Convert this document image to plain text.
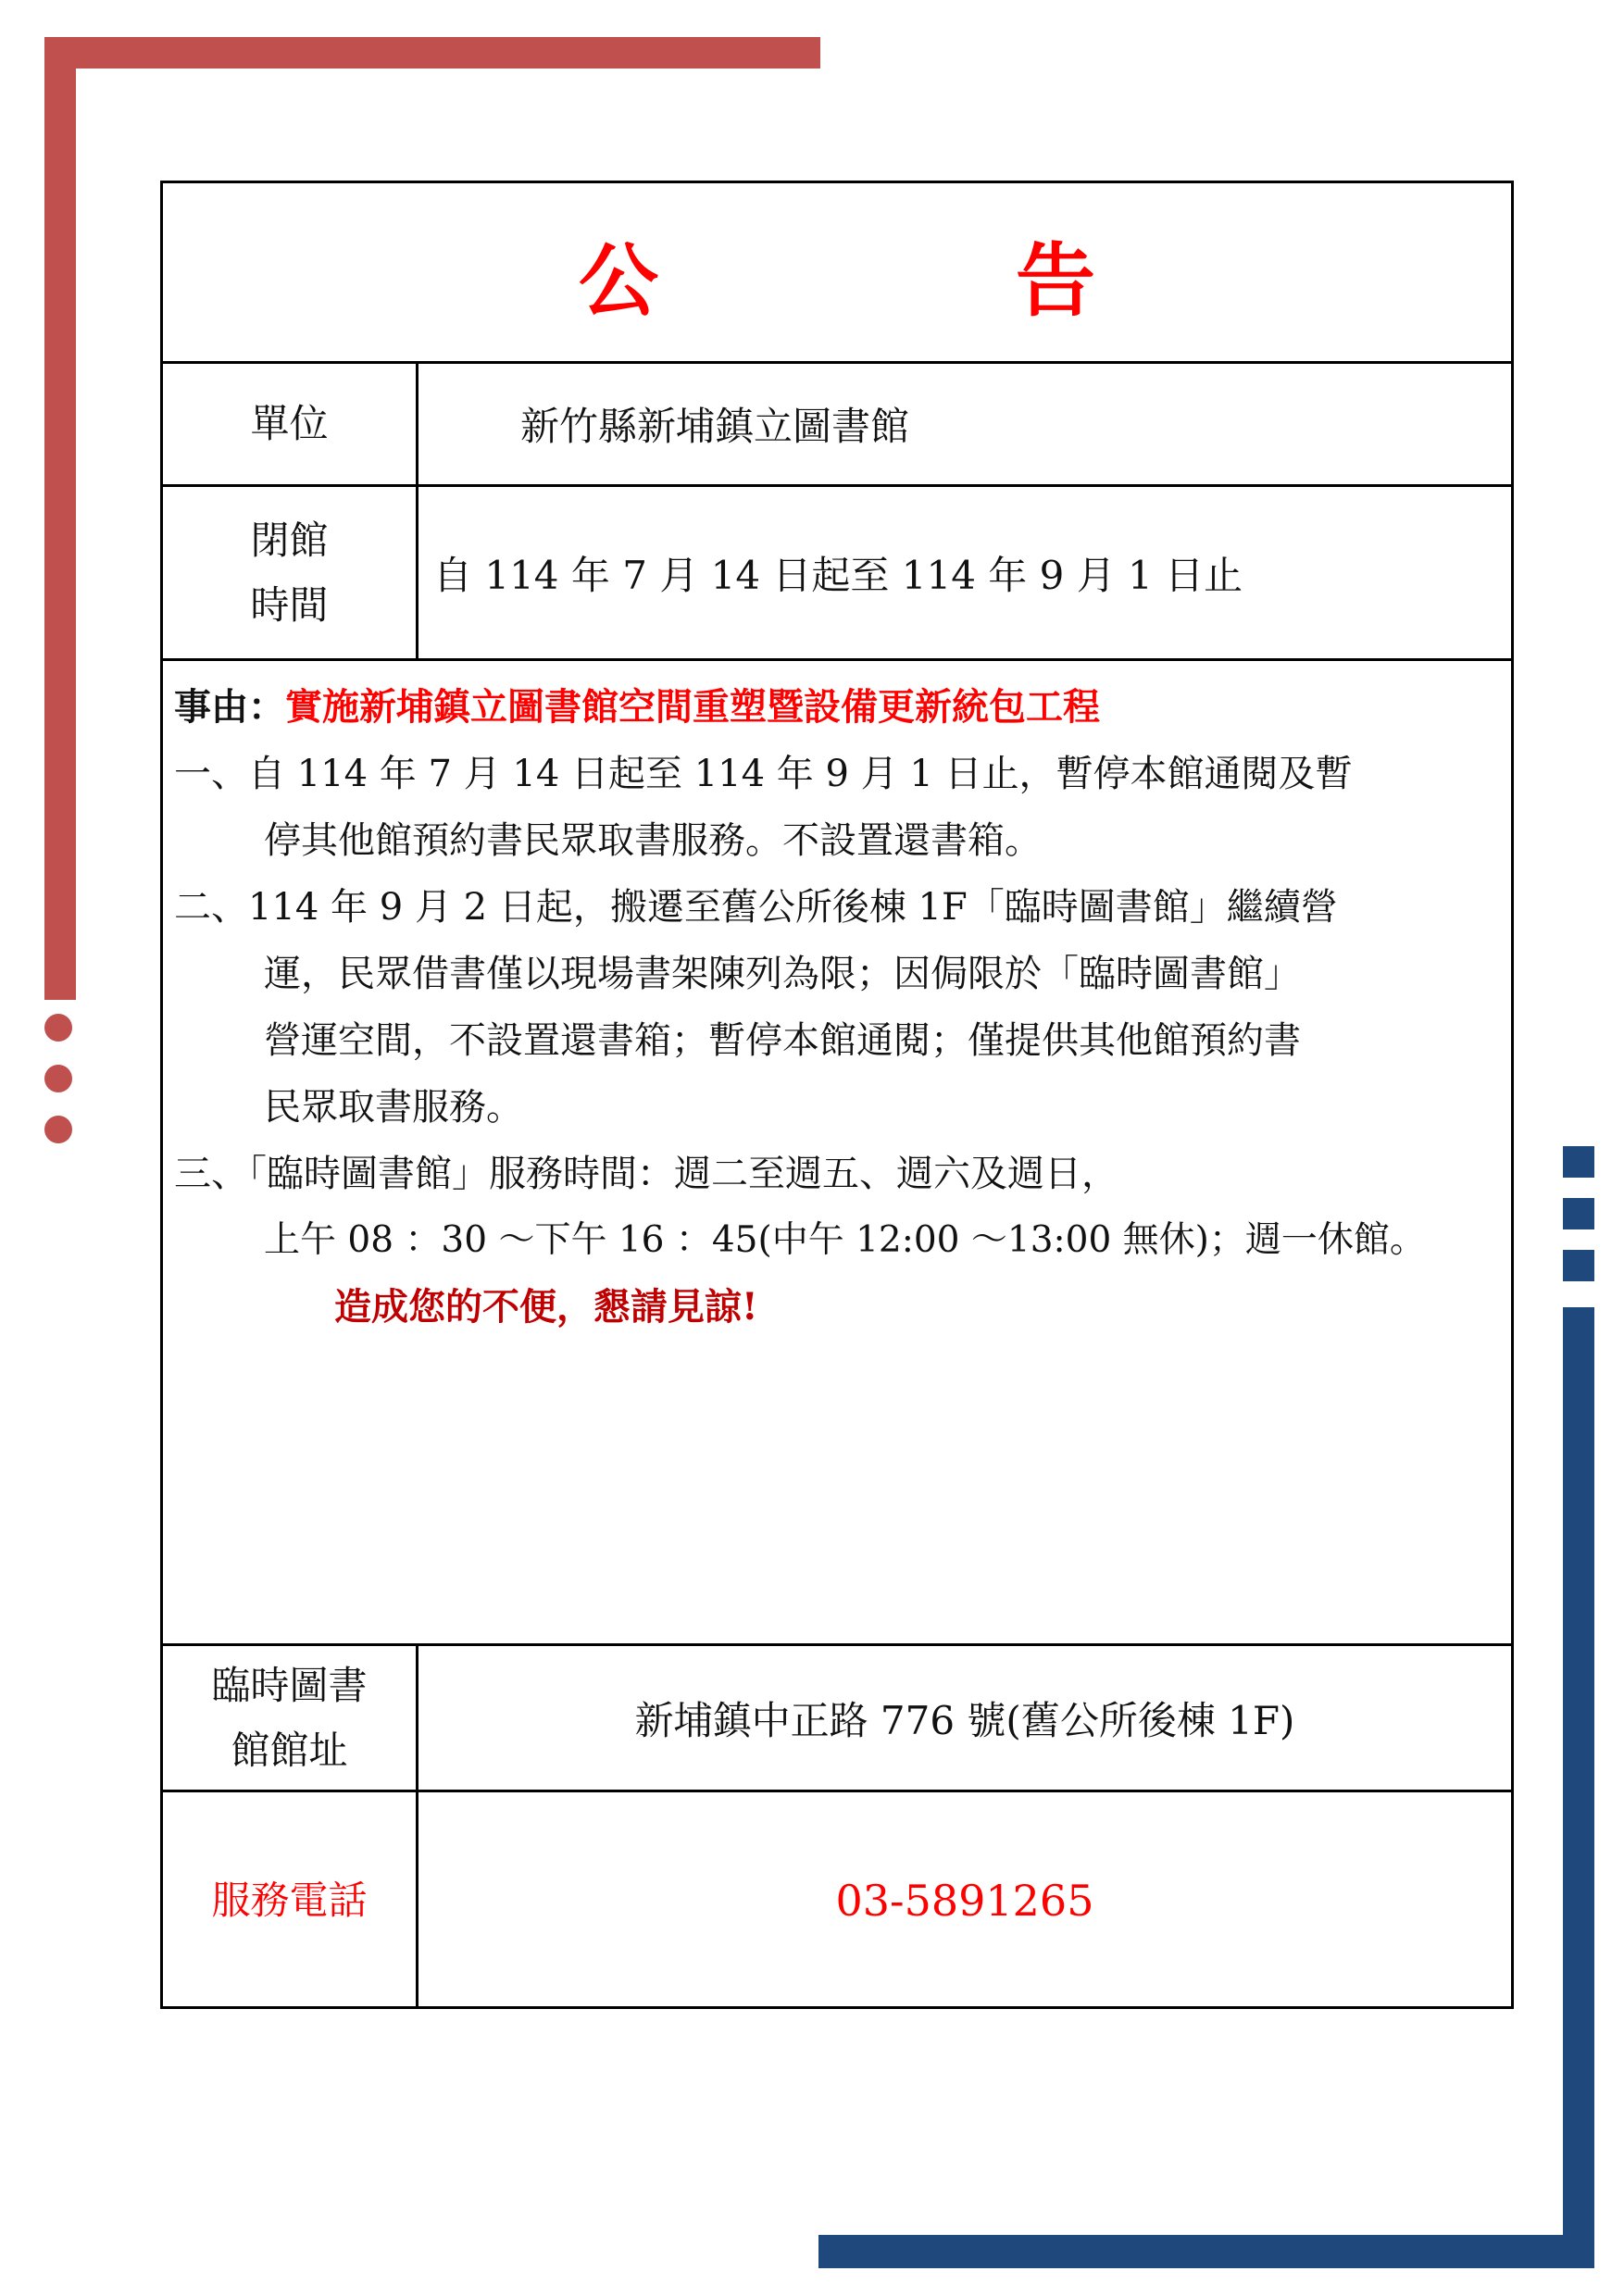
公　告
單位	新竹縣新埔鎮立圖書館
閉館
時間
自 114 年 7 月 14 日起至 114 年 9 月 1 日止

事由：實施新埔鎮立圖書館空間重塑暨設備更新統包工程

一、自 114 年 7 月 14 日起至 114 年 9 月 1 日止，暫停本館通閱及暫

停其他館預約書民眾取書服務。不設置還書箱。

二、114 年 9 月 2 日起，搬遷至舊公所後棟 1F「臨時圖書館」繼續營

運，民眾借書僅以現場書架陳列為限；因侷限於「臨時圖書館」

營運空間，不設置還書箱；暫停本館通閱；僅提供其他館預約書

民眾取書服務。

三、「臨時圖書館」服務時間：週二至週五、週六及週日，

上午 08 ：30 ～下午 16 ：45(中午 12:00 ～13:00 無休)；週一休館。

造成您的不便，懇請見諒!

臨時圖書
館館址
新埔鎮中正路 776 號(舊公所後棟 1F)
服務電話	03-5891265
